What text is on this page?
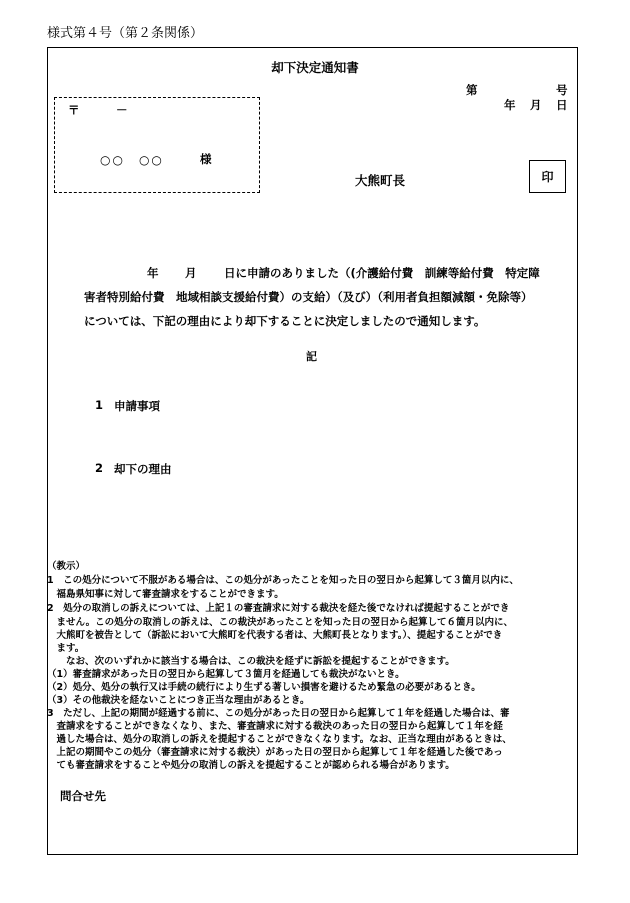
様式第４号（第２条関係）
却下決定通知書
第	号
年 月 日
〒	－
○○　○○	様
大熊町長	印
年 月 日に申請のありました（(介護給付費　訓練等給付費　特定障
害者特別給付費　地域相談支援給付費）の支給）（及び）（利用者負担額減額・免除等）
については、下記の理由により却下することに決定しましたので通知します。
記
1 申請事項
2 却下の理由
（教示）
1　この処分について不服がある場合は、この処分があったことを知った日の翌日から起算して３箇月以内に、
　福島県知事に対して審査請求をすることができます。
2　処分の取消しの訴えについては、上記１の審査請求に対する裁決を経た後でなければ提起することができ
　ません。この処分の取消しの訴えは、この裁決があったことを知った日の翌日から起算して６箇月以内に、
　大熊町を被告として（訴訟において大熊町を代表する者は、大熊町長となります。）、提起することができ
　ます。
　　なお、次のいずれかに該当する場合は、この裁決を経ずに訴訟を提起することができます。
（1）審査請求があった日の翌日から起算して３箇月を経過しても裁決がないとき。
（2）処分、処分の執行又は手続の続行により生ずる著しい損害を避けるため緊急の必要があるとき。
（3）その他裁決を経ないことにつき正当な理由があるとき。
3　ただし、上記の期間が経過する前に、この処分があった日の翌日から起算して１年を経過した場合は、審
　査請求をすることができなくなり、また、審査請求に対する裁決のあった日の翌日から起算して１年を経
　過した場合は、処分の取消しの訴えを提起することができなくなります。なお、正当な理由があるときは、
　上記の期間やこの処分（審査請求に対する裁決）があった日の翌日から起算して１年を経過した後であっ
　ても審査請求をすることや処分の取消しの訴えを提起することが認められる場合があります。
問合せ先
